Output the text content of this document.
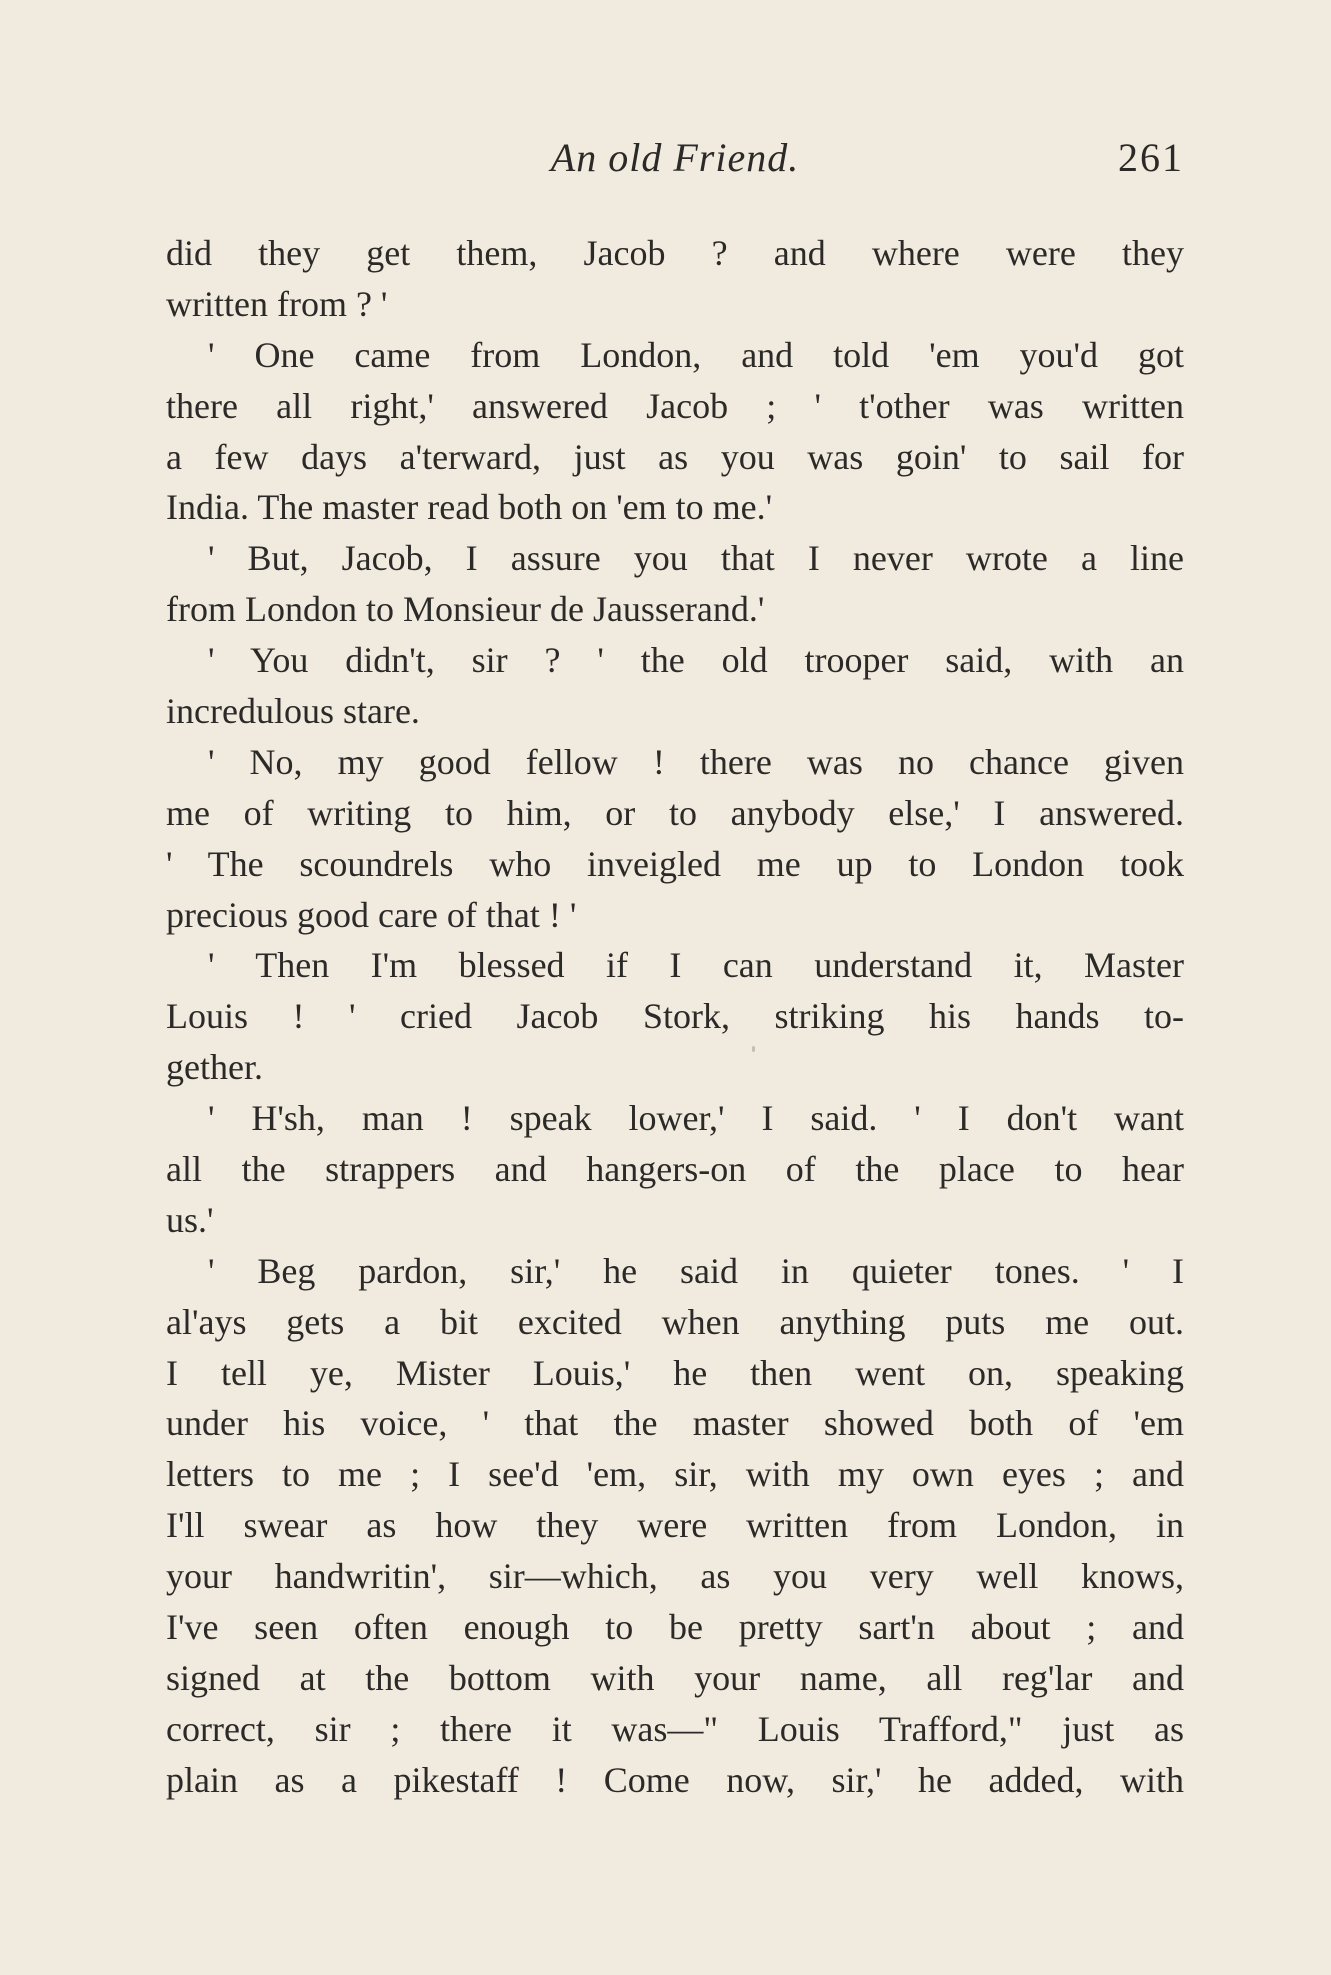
An old Friend.	261
did they get them, Jacob ? and where were they
written from ? '
' One came from London, and told 'em you'd got
there all right,' answered Jacob ; ' t'other was written
a few days a'terward, just as you was goin' to sail for
India. The master read both on 'em to me.'
' But, Jacob, I assure you that I never wrote a line
from London to Monsieur de Jausserand.'
' You didn't, sir ? ' the old trooper said, with an
incredulous stare.
' No, my good fellow ! there was no chance given
me of writing to him, or to anybody else,' I answered.
' The scoundrels who inveigled me up to London took
precious good care of that ! '
' Then I'm blessed if I can understand it, Master
Louis ! ' cried Jacob Stork, striking his hands to-
gether.
' H'sh, man ! speak lower,' I said. ' I don't want
all the strappers and hangers-on of the place to hear
us.'
' Beg pardon, sir,' he said in quieter tones. ' I
al'ays gets a bit excited when anything puts me out.
I tell ye, Mister Louis,' he then went on, speaking
under his voice, ' that the master showed both of 'em
letters to me ; I see'd 'em, sir, with my own eyes ; and
I'll swear as how they were written from London, in
your handwritin', sir—which, as you very well knows,
I've seen often enough to be pretty sart'n about ; and
signed at the bottom with your name, all reg'lar and
correct, sir ; there it was—" Louis Trafford," just as
plain as a pikestaff ! Come now, sir,' he added, with
